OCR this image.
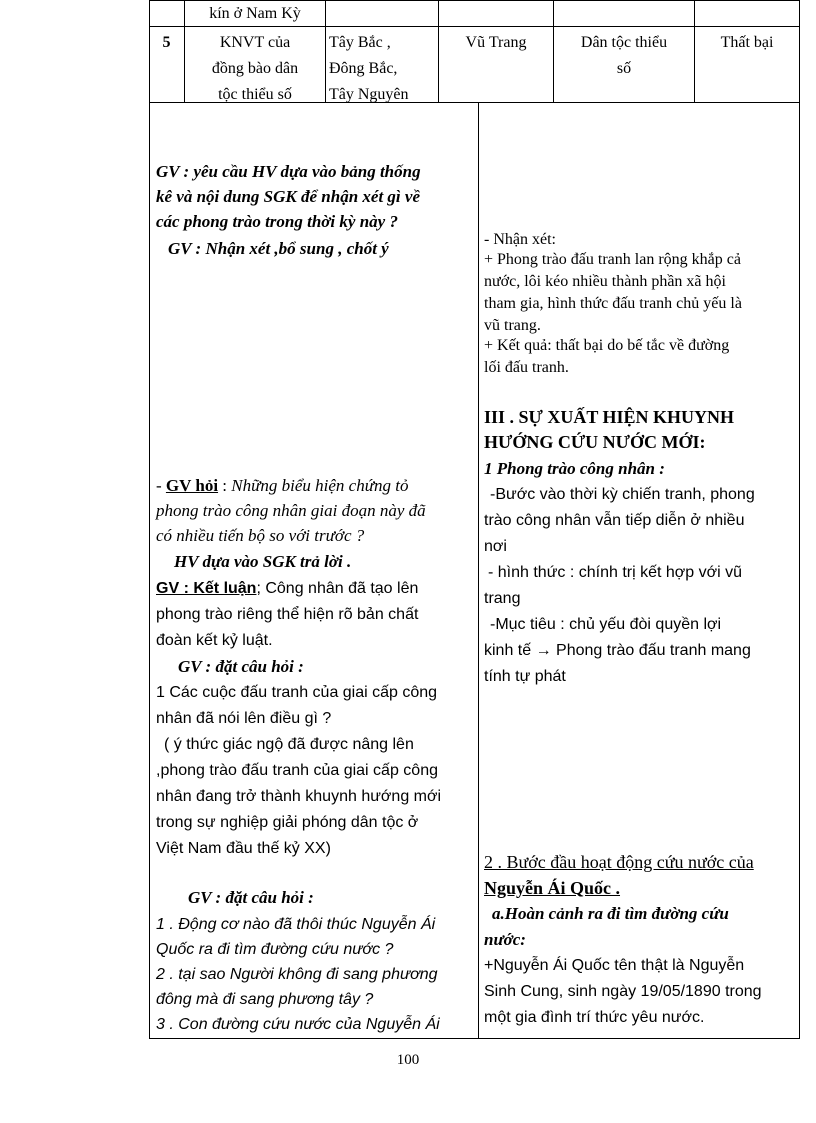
kín ở Nam Kỳ
5	KNVT của
đồng bào dân
tộc thiểu số
Tây Bắc ,
Đông Bắc,
Tây Nguyên
Vũ Trang	Dân tộc thiểu
số
Thất bại
GV : yêu cầu HV dựa vào bảng thống
kê và nội dung SGK để nhận xét gì về
các phong trào trong thời kỳ này ?
GV : Nhận xét ,bổ sung , chốt ý
- GV hỏi : Những biểu hiện chứng tỏ
phong trào công nhân giai đoạn này đã
có nhiều tiến bộ so với trước ?
HV dựa vào SGK trả lời .
GV : Kết luận; Công nhân đã tạo lên
phong trào riêng thể hiện rõ bản chất
đoàn kết kỷ luật.
GV : đặt câu hỏi :
1 Các cuộc đấu tranh của giai cấp công
nhân đã nói lên điều gì ?
( ý thức giác ngộ đã được nâng lên
,phong trào đấu tranh của giai cấp công
nhân đang trở thành khuynh hướng mới
trong sự nghiệp giải phóng dân tộc ở
Việt Nam đầu thế kỷ XX)
GV : đặt câu hỏi :
1 . Động cơ nào đã thôi thúc Nguyễn Ái
Quốc ra đi tìm đường cứu nước ?
2 . tại sao Người không đi sang phương
đông mà đi sang phương tây ?
3 . Con đường cứu nước của Nguyễn Ái
- Nhận xét:
+ Phong trào đấu tranh lan rộng khắp cả
nước, lôi kéo nhiều thành phần xã hội
tham gia, hình thức đấu tranh chủ yếu là
vũ trang.
+ Kết quả: thất bại do bế tắc về đường
lối đấu tranh.
III . SỰ XUẤT HIỆN KHUYNH
HƯỚNG CỨU NƯỚC MỚI:
1 Phong trào công nhân :
-Bước vào thời kỳ chiến tranh, phong
trào công nhân vẫn tiếp diễn ở nhiều
nơi
- hình thức : chính trị kết hợp với vũ
trang
-Mục tiêu : chủ yếu đòi quyền lợi
kinh tế → Phong trào đấu tranh mang
tính tự phát
2 . Bước đầu hoạt động cứu nước của
Nguyễn Ái Quốc .
a.Hoàn cảnh ra đi tìm đường cứu
nước:
+Nguyễn Ái Quốc tên thật là Nguyễn
Sinh Cung, sinh ngày 19/05/1890 trong
một gia đình trí thức yêu nước.
100
